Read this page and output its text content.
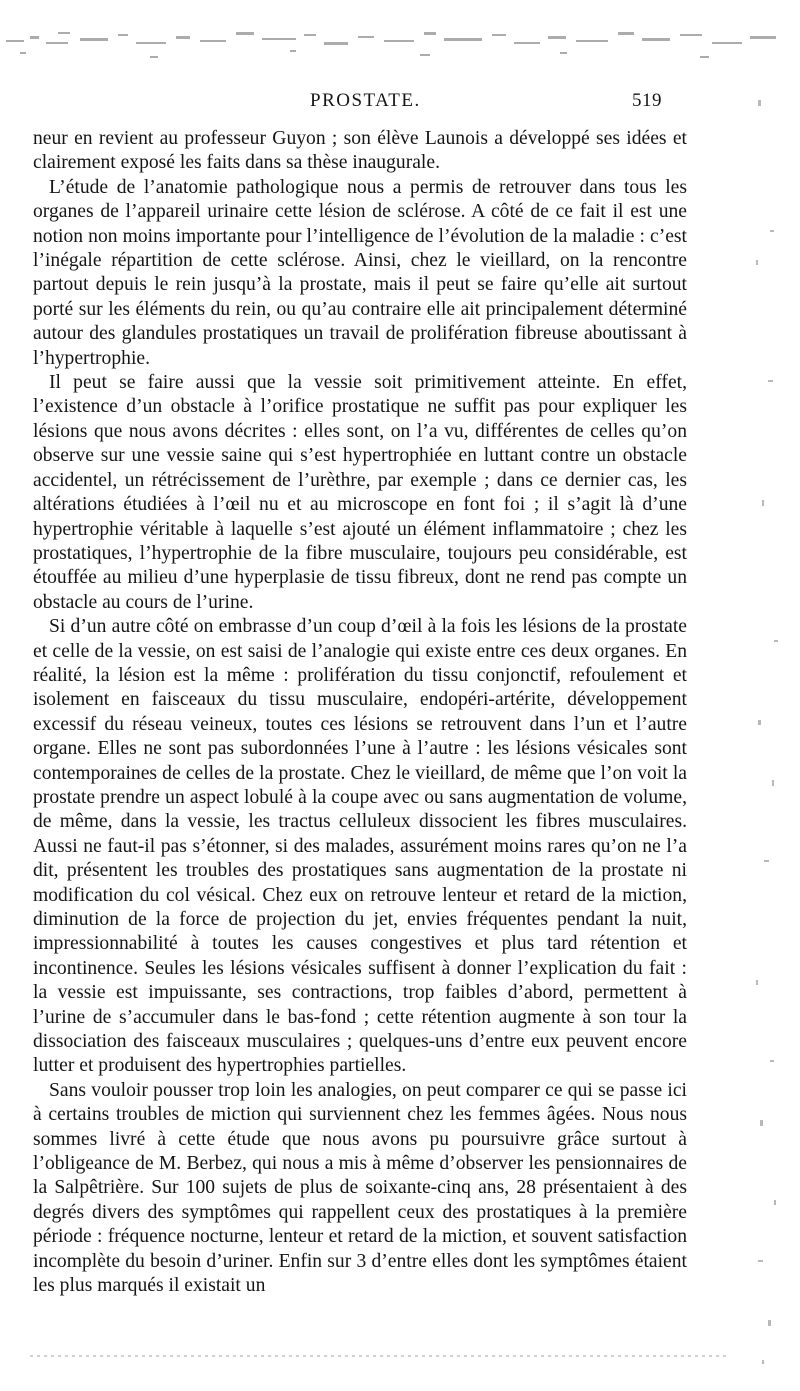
PROSTATE.	519

neur en revient au professeur Guyon ; son élève Launois a développé ses idées et clairement exposé les faits dans sa thèse inaugurale.

L’étude de l’anatomie pathologique nous a permis de retrouver dans tous les organes de l’appareil urinaire cette lésion de sclérose. A côté de ce fait il est une notion non moins importante pour l’intelligence de l’évolution de la maladie : c’est l’inégale répartition de cette sclérose. Ainsi, chez le vieillard, on la rencontre partout depuis le rein jusqu’à la prostate, mais il peut se faire qu’elle ait surtout porté sur les éléments du rein, ou qu’au contraire elle ait principalement déterminé autour des glandules prostatiques un travail de prolifération fibreuse aboutissant à l’hypertrophie.

Il peut se faire aussi que la vessie soit primitivement atteinte. En effet, l’existence d’un obstacle à l’orifice prostatique ne suffit pas pour expliquer les lésions que nous avons décrites : elles sont, on l’a vu, différentes de celles qu’on observe sur une vessie saine qui s’est hypertrophiée en luttant contre un obstacle accidentel, un rétrécissement de l’urèthre, par exemple ; dans ce dernier cas, les altérations étudiées à l’œil nu et au microscope en font foi ; il s’agit là d’une hypertrophie véritable à laquelle s’est ajouté un élément inflammatoire ; chez les prostatiques, l’hypertrophie de la fibre musculaire, toujours peu considérable, est étouffée au milieu d’une hyperplasie de tissu fibreux, dont ne rend pas compte un obstacle au cours de l’urine.

Si d’un autre côté on embrasse d’un coup d’œil à la fois les lésions de la prostate et celle de la vessie, on est saisi de l’analogie qui existe entre ces deux organes. En réalité, la lésion est la même : prolifération du tissu conjonctif, refoulement et isolement en faisceaux du tissu musculaire, endopéri-artérite, développement excessif du réseau veineux, toutes ces lésions se retrouvent dans l’un et l’autre organe. Elles ne sont pas subordonnées l’une à l’autre : les lésions vésicales sont contemporaines de celles de la prostate. Chez le vieillard, de même que l’on voit la prostate prendre un aspect lobulé à la coupe avec ou sans augmentation de volume, de même, dans la vessie, les tractus celluleux dissocient les fibres musculaires. Aussi ne faut-il pas s’étonner, si des malades, assurément moins rares qu’on ne l’a dit, présentent les troubles des prostatiques sans augmentation de la prostate ni modification du col vésical. Chez eux on retrouve lenteur et retard de la miction, diminution de la force de projection du jet, envies fréquentes pendant la nuit, impressionnabilité à toutes les causes congestives et plus tard rétention et incontinence. Seules les lésions vésicales suffisent à donner l’explication du fait : la vessie est impuissante, ses contractions, trop faibles d’abord, permettent à l’urine de s’accumuler dans le bas-fond ; cette rétention augmente à son tour la dissociation des faisceaux musculaires ; quelques-uns d’entre eux peuvent encore lutter et produisent des hypertrophies partielles.

Sans vouloir pousser trop loin les analogies, on peut comparer ce qui se passe ici à certains troubles de miction qui surviennent chez les femmes âgées. Nous nous sommes livré à cette étude que nous avons pu poursuivre grâce surtout à l’obligeance de M. Berbez, qui nous a mis à même d’observer les pensionnaires de la Salpêtrière. Sur 100 sujets de plus de soixante-cinq ans, 28 présentaient à des degrés divers des symptômes qui rappellent ceux des prostatiques à la première période : fréquence nocturne, lenteur et retard de la miction, et souvent satisfaction incomplète du besoin d’uriner. Enfin sur 3 d’entre elles dont les symptômes étaient les plus marqués il existait un
